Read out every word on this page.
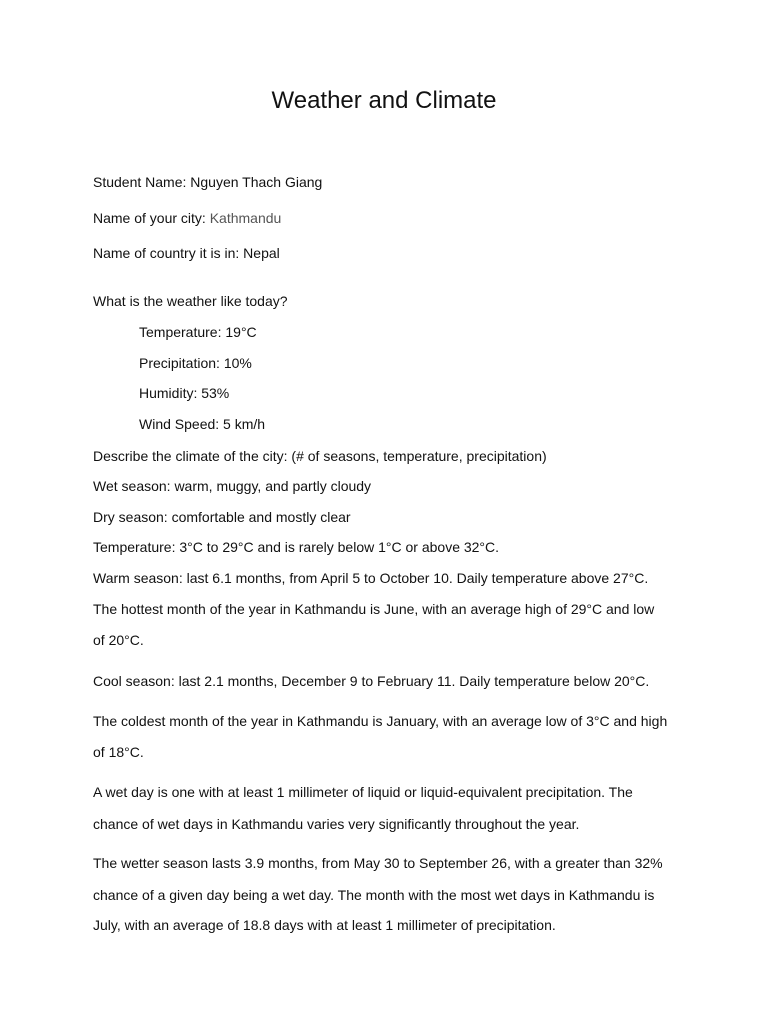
Weather and Climate
Student Name: Nguyen Thach Giang
Name of your city: Kathmandu
Name of country it is in: Nepal
What is the weather like today?
Temperature: 19°C
Precipitation: 10%
Humidity: 53%
Wind Speed: 5 km/h
Describe the climate of the city: (# of seasons, temperature, precipitation)
Wet season: warm, muggy, and partly cloudy
Dry season: comfortable and mostly clear
Temperature: 3°C to 29°C and is rarely below 1°C or above 32°C.
Warm season: last 6.1 months, from April 5 to October 10. Daily temperature above 27°C.
The hottest month of the year in Kathmandu is June, with an average high of 29°C and low
of 20°C.
Cool season: last 2.1 months, December 9 to February 11. Daily temperature below 20°C.
The coldest month of the year in Kathmandu is January, with an average low of 3°C and high
of 18°C.
A wet day is one with at least 1 millimeter of liquid or liquid-equivalent precipitation. The
chance of wet days in Kathmandu varies very significantly throughout the year.
The wetter season lasts 3.9 months, from May 30 to September 26, with a greater than 32%
chance of a given day being a wet day. The month with the most wet days in Kathmandu is
July, with an average of 18.8 days with at least 1 millimeter of precipitation.
